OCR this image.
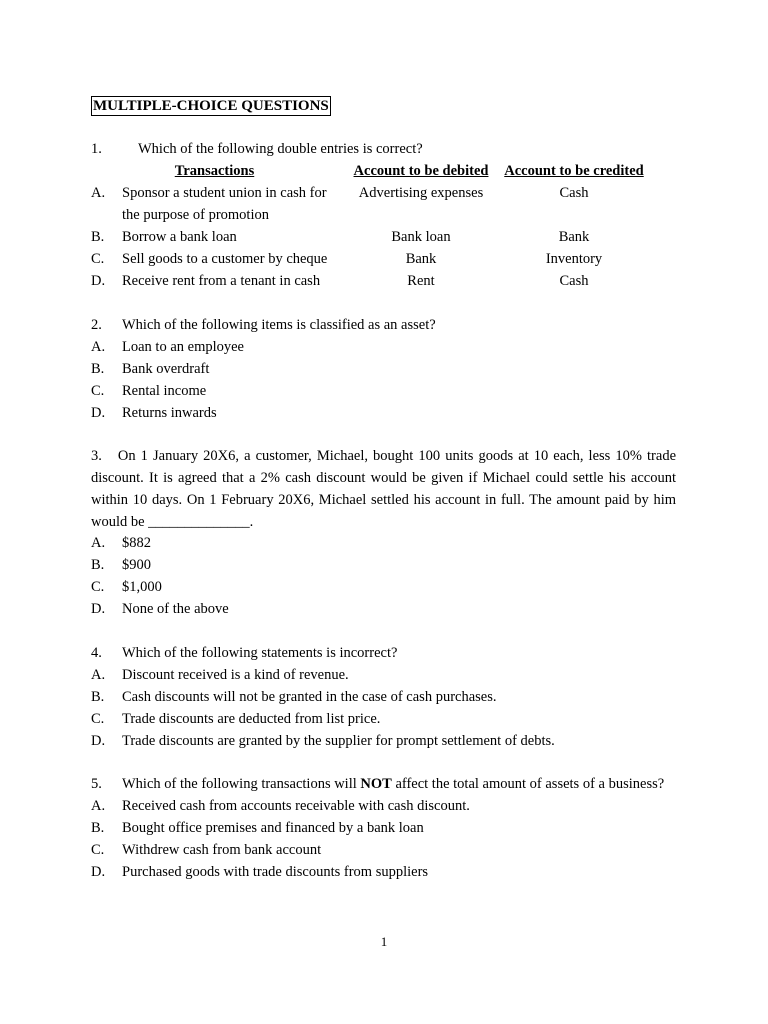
MULTIPLE-CHOICE QUESTIONS
1. Which of the following double entries is correct?
Transactions	Account to be debited	Account to be credited
A. Sponsor a student union in cash for	Advertising expenses	Cash
the purpose of promotion
B. Borrow a bank loan	Bank loan	Bank
C. Sell goods to a customer by cheque	Bank	Inventory
D. Receive rent from a tenant in cash	Rent	Cash
2. Which of the following items is classified as an asset?
A. Loan to an employee
B. Bank overdraft
C. Rental income
D. Returns inwards
3. On 1 January 20X6, a customer, Michael, bought 100 units goods at 10 each, less 10% trade discount. It is agreed that a 2% cash discount would be given if Michael could settle his account within 10 days. On 1 February 20X6, Michael settled his account in full. The amount paid by him would be ______________.
A. $882
B. $900
C. $1,000
D. None of the above
4. Which of the following statements is incorrect?
A. Discount received is a kind of revenue.
B. Cash discounts will not be granted in the case of cash purchases.
C. Trade discounts are deducted from list price.
D. Trade discounts are granted by the supplier for prompt settlement of debts.
5. Which of the following transactions will NOT affect the total amount of assets of a business?
A. Received cash from accounts receivable with cash discount.
B. Bought office premises and financed by a bank loan
C. Withdrew cash from bank account
D. Purchased goods with trade discounts from suppliers
1
